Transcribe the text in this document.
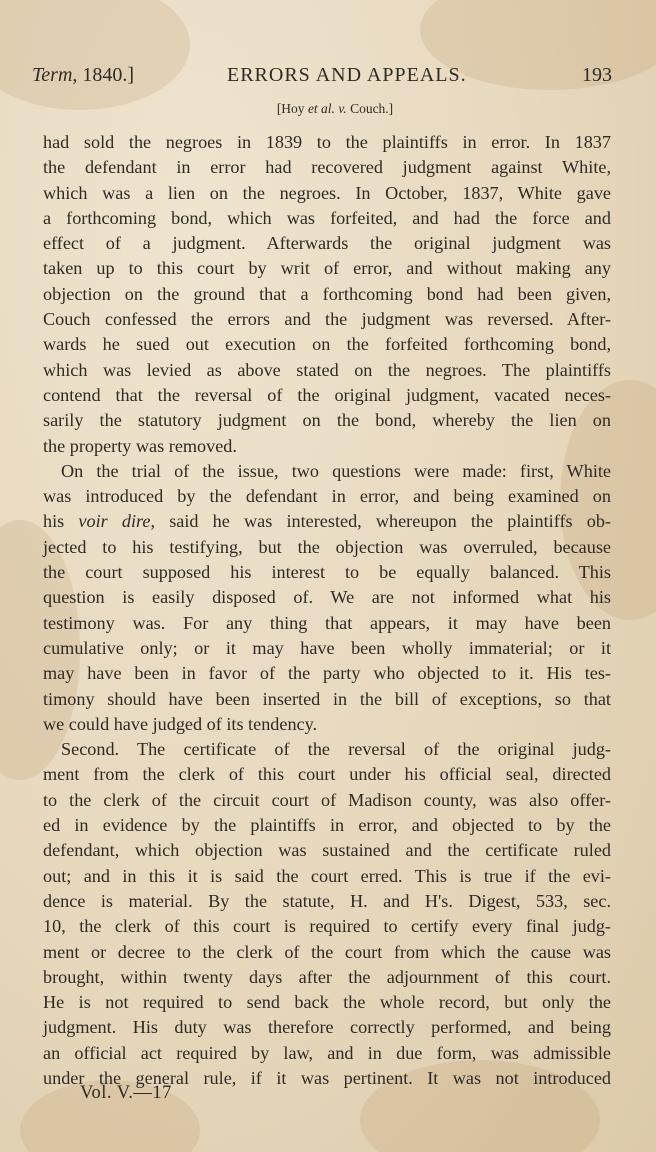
Term, 1840.]	ERRORS AND APPEALS.	193
[Hoy et al. v. Couch.]
had sold the negroes in 1839 to the plaintiffs in error. In 1837
the defendant in error had recovered judgment against White,
which was a lien on the negroes. In October, 1837, White gave
a forthcoming bond, which was forfeited, and had the force and
effect of a judgment. Afterwards the original judgment was
taken up to this court by writ of error, and without making any
objection on the ground that a forthcoming bond had been given,
Couch confessed the errors and the judgment was reversed. After-
wards he sued out execution on the forfeited forthcoming bond,
which was levied as above stated on the negroes. The plaintiffs
contend that the reversal of the original judgment, vacated neces-
sarily the statutory judgment on the bond, whereby the lien on
the property was removed.
On the trial of the issue, two questions were made: first, White
was introduced by the defendant in error, and being examined on
his voir dire, said he was interested, whereupon the plaintiffs ob-
jected to his testifying, but the objection was overruled, because
the court supposed his interest to be equally balanced. This
question is easily disposed of. We are not informed what his
testimony was. For any thing that appears, it may have been
cumulative only; or it may have been wholly immaterial; or it
may have been in favor of the party who objected to it. His tes-
timony should have been inserted in the bill of exceptions, so that
we could have judged of its tendency.
Second. The certificate of the reversal of the original judg-
ment from the clerk of this court under his official seal, directed
to the clerk of the circuit court of Madison county, was also offer-
ed in evidence by the plaintiffs in error, and objected to by the
defendant, which objection was sustained and the certificate ruled
out; and in this it is said the court erred. This is true if the evi-
dence is material. By the statute, H. and H's. Digest, 533, sec.
10, the clerk of this court is required to certify every final judg-
ment or decree to the clerk of the court from which the cause was
brought, within twenty days after the adjournment of this court.
He is not required to send back the whole record, but only the
judgment. His duty was therefore correctly performed, and being
an official act required by law, and in due form, was admissible
under the general rule, if it was pertinent. It was not introduced
Vol. V.—17
